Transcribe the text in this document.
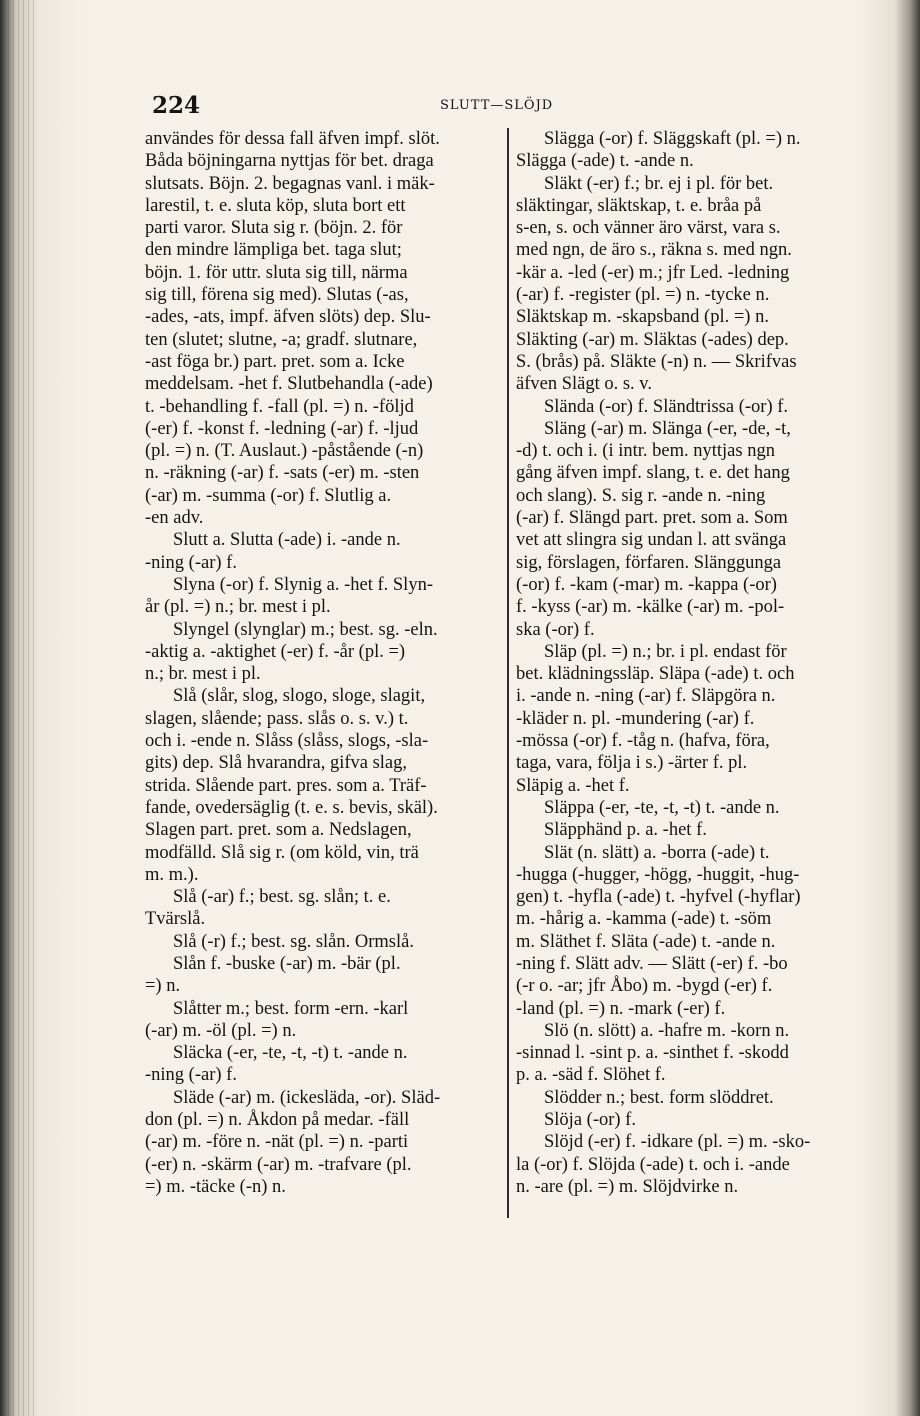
224	SLUTT—SLÖJD
användes för dessa fall äfven impf. slöt.
Båda böjningarna nyttjas för bet. draga
slutsats. Böjn. 2. begagnas vanl. i mäk-
larestil, t. e. sluta köp, sluta bort ett
parti varor. Sluta sig r. (böjn. 2. för
den mindre lämpliga bet. taga slut;
böjn. 1. för uttr. sluta sig till, närma
sig till, förena sig med). Slutas (-as,
-ades, -ats, impf. äfven slöts) dep. Slu-
ten (slutet; slutne, -a; gradf. slutnare,
-ast föga br.) part. pret. som a. Icke
meddelsam. -het f. Slutbehandla (-ade)
t. -behandling f. -fall (pl. =) n. -följd
(-er) f. -konst f. -ledning (-ar) f. -ljud
(pl. =) n. (T. Auslaut.) -påstående (-n)
n. -räkning (-ar) f. -sats (-er) m. -sten
(-ar) m. -summa (-or) f. Slutlig a.
-en adv.
Slutt a. Slutta (-ade) i. -ande n.
-ning (-ar) f.
Slyna (-or) f. Slynig a. -het f. Slyn-
år (pl. =) n.; br. mest i pl.
Slyngel (slynglar) m.; best. sg. -eln.
-aktig a. -aktighet (-er) f. -år (pl. =)
n.; br. mest i pl.
Slå (slår, slog, slogo, sloge, slagit,
slagen, slående; pass. slås o. s. v.) t.
och i. -ende n. Slåss (slåss, slogs, -sla-
gits) dep. Slå hvarandra, gifva slag,
strida. Slående part. pres. som a. Träf-
fande, ovedersäglig (t. e. s. bevis, skäl).
Slagen part. pret. som a. Nedslagen,
modfälld. Slå sig r. (om köld, vin, trä
m. m.).
Slå (-ar) f.; best. sg. slån; t. e.
Tvärslå.
Slå (-r) f.; best. sg. slån. Ormslå.
Slån f. -buske (-ar) m. -bär (pl.
=) n.
Slåtter m.; best. form -ern. -karl
(-ar) m. -öl (pl. =) n.
Släcka (-er, -te, -t, -t) t. -ande n.
-ning (-ar) f.
Släde (-ar) m. (ickesläda, -or). Släd-
don (pl. =) n. Åkdon på medar. -fäll
(-ar) m. -före n. -nät (pl. =) n. -parti
(-er) n. -skärm (-ar) m. -trafvare (pl.
=) m. -täcke (-n) n.
Slägga (-or) f. Släggskaft (pl. =) n.
Slägga (-ade) t. -ande n.
Släkt (-er) f.; br. ej i pl. för bet.
släktingar, släktskap, t. e. bråa på
s-en, s. och vänner äro värst, vara s.
med ngn, de äro s., räkna s. med ngn.
-kär a. -led (-er) m.; jfr Led. -ledning
(-ar) f. -register (pl. =) n. -tycke n.
Släktskap m. -skapsband (pl. =) n.
Släkting (-ar) m. Släktas (-ades) dep.
S. (brås) på. Släkte (-n) n. — Skrifvas
äfven Slägt o. s. v.
Slända (-or) f. Sländtrissa (-or) f.
Släng (-ar) m. Slänga (-er, -de, -t,
-d) t. och i. (i intr. bem. nyttjas ngn
gång äfven impf. slang, t. e. det hang
och slang). S. sig r. -ande n. -ning
(-ar) f. Slängd part. pret. som a. Som
vet att slingra sig undan l. att svänga
sig, förslagen, förfaren. Slänggunga
(-or) f. -kam (-mar) m. -kappa (-or)
f. -kyss (-ar) m. -kälke (-ar) m. -pol-
ska (-or) f.
Släp (pl. =) n.; br. i pl. endast för
bet. klädningssläp. Släpa (-ade) t. och
i. -ande n. -ning (-ar) f. Släpgöra n.
-kläder n. pl. -mundering (-ar) f.
-mössa (-or) f. -tåg n. (hafva, föra,
taga, vara, följa i s.) -ärter f. pl.
Släpig a. -het f.
Släppa (-er, -te, -t, -t) t. -ande n.
Släpphänd p. a. -het f.
Slät (n. slätt) a. -borra (-ade) t.
-hugga (-hugger, -högg, -huggit, -hug-
gen) t. -hyfla (-ade) t. -hyfvel (-hyflar)
m. -hårig a. -kamma (-ade) t. -söm
m. Släthet f. Släta (-ade) t. -ande n.
-ning f. Slätt adv. — Slätt (-er) f. -bo
(-r o. -ar; jfr Åbo) m. -bygd (-er) f.
-land (pl. =) n. -mark (-er) f.
Slö (n. slött) a. -hafre m. -korn n.
-sinnad l. -sint p. a. -sinthet f. -skodd
p. a. -säd f. Slöhet f.
Slödder n.; best. form slöddret.
Slöja (-or) f.
Slöjd (-er) f. -idkare (pl. =) m. -sko-
la (-or) f. Slöjda (-ade) t. och i. -ande
n. -are (pl. =) m. Slöjdvirke n.
